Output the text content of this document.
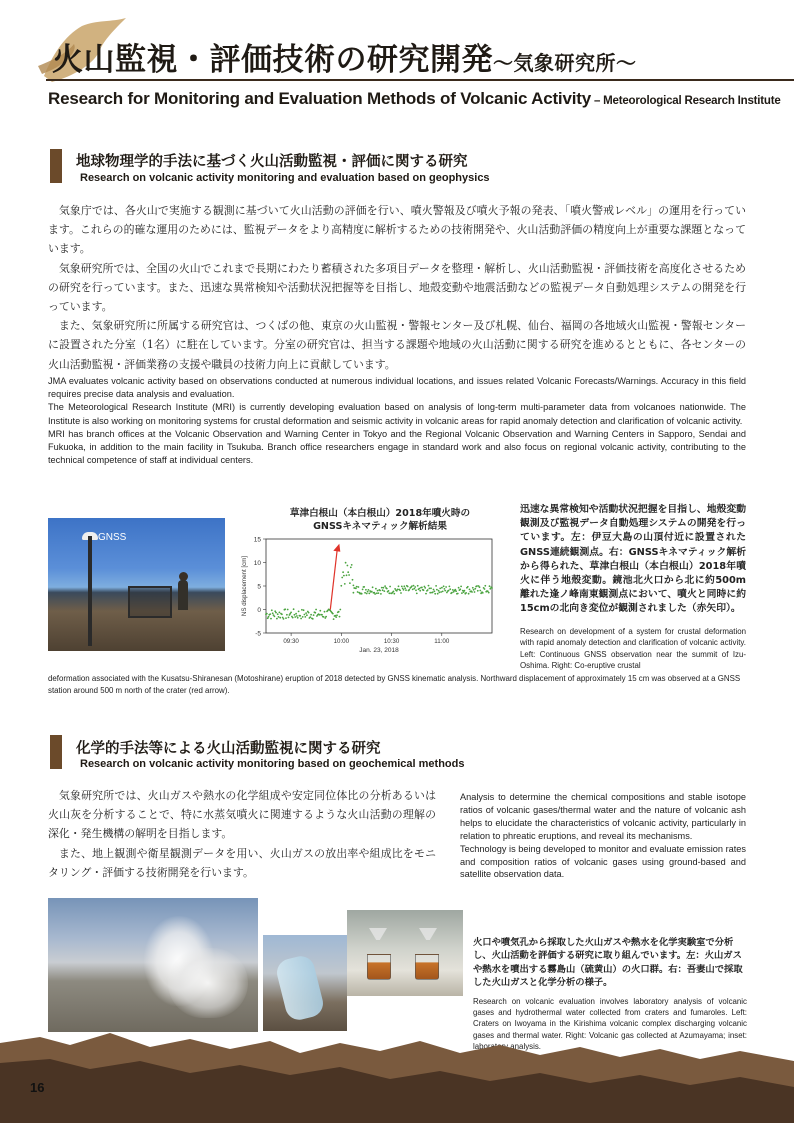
火山監視・評価技術の研究開発～気象研究所～
Research for Monitoring and Evaluation Methods of Volcanic Activity – Meteorological Research Institute
地球物理学的手法に基づく火山活動監視・評価に関する研究
Research on volcanic activity monitoring and evaluation based on geophysics

気象庁では、各火山で実施する観測に基づいて火山活動の評価を行い、噴火警報及び噴火予報の発表、「噴火警戒レベル」の運用を行っています。これらの的確な運用のためには、監視データをより高精度に解析するための技術開発や、火山活動評価の精度向上が重要な課題となっています。

気象研究所では、全国の火山でこれまで長期にわたり蓄積された多項目データを整理・解析し、火山活動監視・評価技術を高度化させるための研究を行っています。また、迅速な異常検知や活動状況把握等を目指し、地殻変動や地震活動などの監視データ自動処理システムの開発を行っています。

また、気象研究所に所属する研究官は、つくばの他、東京の火山監視・警報センター及び札幌、仙台、福岡の各地域火山監視・警報センターに設置された分室（1名）に駐在しています。分室の研究官は、担当する課題や地域の火山活動に関する研究を進めるとともに、各センターの火山活動監視・評価業務の支援や職員の技術力向上に貢献しています。

JMA evaluates volcanic activity based on observations conducted at numerous individual locations, and issues related Volcanic Forecasts/Warnings. Accuracy in this field requires precise data analysis and evaluation.

The Meteorological Research Institute (MRI) is currently developing evaluation based on analysis of long-term multi-parameter data from volcanoes nationwide. The Institute is also working on monitoring systems for crustal deformation and seismic activity in volcanic areas for rapid anomaly detection and clarification of volcanic activity.

MRI has branch offices at the Volcanic Observation and Warning Center in Tokyo and the Regional Volcanic Observation and Warning Centers in Sapporo, Sendai and Fukuoka, in addition to the main facility in Tsukuba. Branch office researchers engage in standard work and also focus on regional volcanic activity, contributing to the technical competence of staff at individual centers.

GNSS
草津白根山（本白根山）2018年噴火時の
GNSSキネマティック解析結果
15
10
5
0
-5
09:30	10:00	10:30	11:00
Jan. 23, 2018
NS displacement [cm]
迅速な異常検知や活動状況把握を目指し、地殻変動観測及び監視データ自動処理システムの開発を行っています。左：伊豆大島の山頂付近に設置されたGNSS連続観測点。右：GNSSキネマティック解析から得られた、草津白根山（本白根山）2018年噴火に伴う地殻変動。鏡池北火口から北に約500m離れた逢ノ峰南東観測点において、噴火と同時に約15cmの北向き変位が観測されました（赤矢印）。
Research on development of a system for crustal deformation with rapid anomaly detection and clarification of volcanic activity. Left: Continuous GNSS observation near the summit of Izu-Oshima. Right: Co-eruptive crustal
deformation associated with the Kusatsu-Shiranesan (Motoshirane) eruption of 2018 detected by GNSS kinematic analysis. Northward displacement of approximately 15 cm was observed at a GNSS station around 500 m north of the crater (red arrow).
化学的手法等による火山活動監視に関する研究
Research on volcanic activity monitoring based on geochemical methods

気象研究所では、火山ガスや熱水の化学組成や安定同位体比の分析あるいは火山灰を分析することで、特に水蒸気噴火に関連するような火山活動の理解の深化・発生機構の解明を目指します。

また、地上観測や衛星観測データを用い、火山ガスの放出率や組成比をモニタリング・評価する技術開発を行います。

Analysis to determine the chemical compositions and stable isotope ratios of volcanic gases/thermal water and the nature of volcanic ash helps to elucidate the characteristics of volcanic activity, particularly in relation to phreatic eruptions, and reveal its mechanisms.

Technology is being developed to monitor and evaluate emission rates and composition ratios of volcanic gases using ground-based and satellite observation data.

火口や噴気孔から採取した火山ガスや熱水を化学実験室で分析し、火山活動を評価する研究に取り組んでいます。左：火山ガスや熱水を噴出する霧島山（硫黄山）の火口群。右：吾妻山で採取した火山ガスと化学分析の様子。
Research on volcanic evaluation involves laboratory analysis of volcanic gases and hydrothermal water collected from craters and fumaroles. Left: Craters on Iwoyama in the Kirishima volcanic complex discharging volcanic gases and thermal water. Right: Volcanic gas collected at Azumayama; inset: laboratory analysis.
16
